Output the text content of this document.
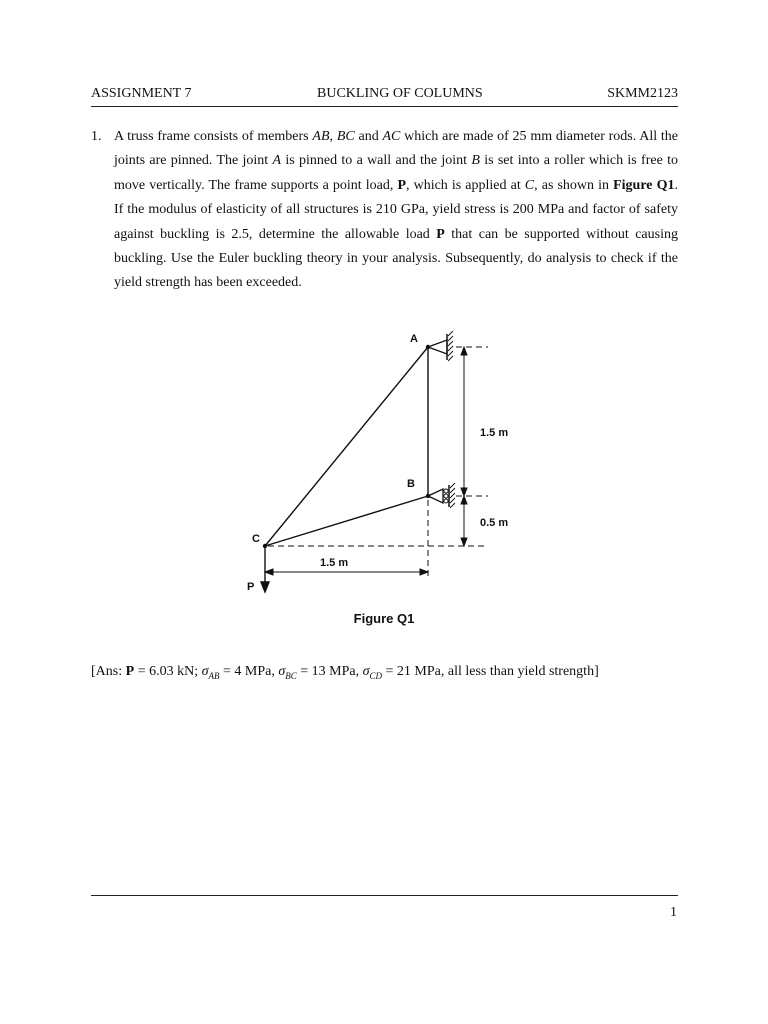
ASSIGNMENT 7	BUCKLING OF COLUMNS	SKMM2123
1. A truss frame consists of members AB, BC and AC which are made of 25 mm diameter rods. All the joints are pinned. The joint A is pinned to a wall and the joint B is set into a roller which is free to move vertically. The frame supports a point load, P, which is applied at C, as shown in Figure Q1. If the modulus of elasticity of all structures is 210 GPa, yield stress is 200 MPa and factor of safety against buckling is 2.5, determine the allowable load P that can be supported without causing buckling. Use the Euler buckling theory in your analysis. Subsequently, do analysis to check if the yield strength has been exceeded.
A
B
C
P
1.5 m
0.5 m
1.5 m
Figure Q1
[Ans: P = 6.03 kN; $\sigma_{AB} = 4$ MPa, $\sigma_{BC} = 13$ MPa, $\sigma_{CD} = 21$ MPa, all less than yield strength]
1
